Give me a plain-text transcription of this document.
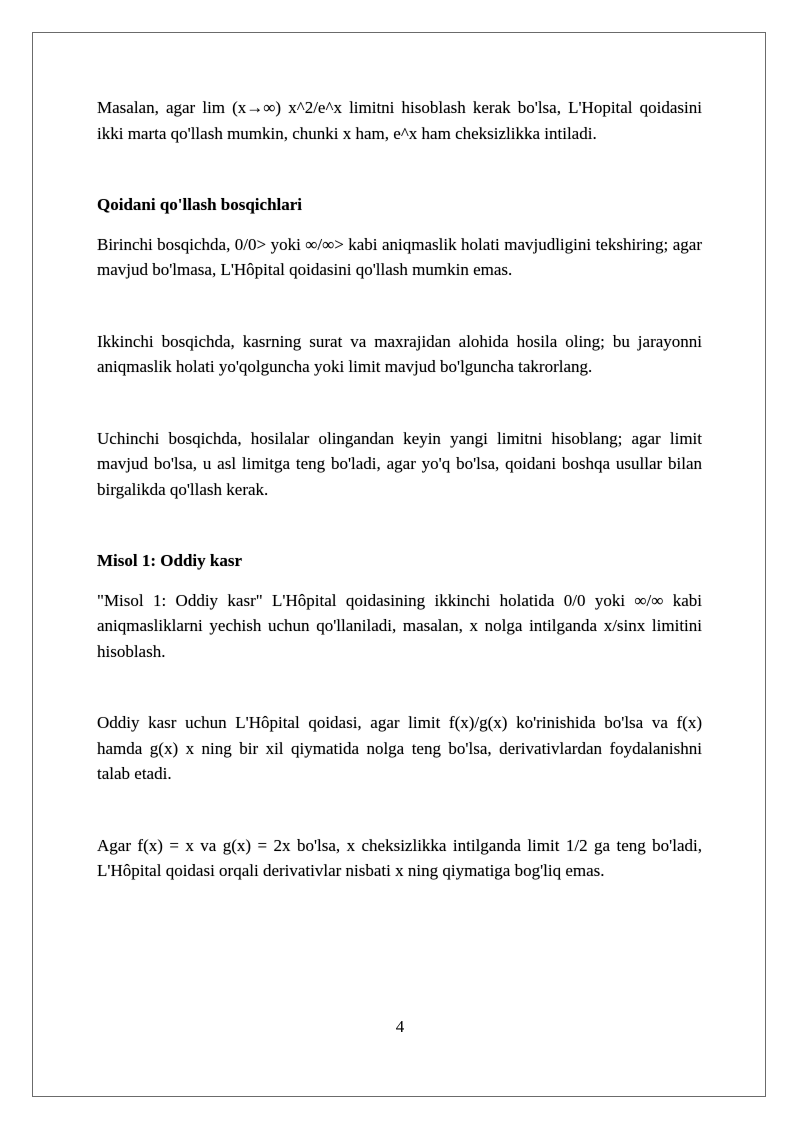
Masalan, agar lim (x→∞) x^2/e^x limitni hisoblash kerak bo'lsa, L'Hopital qoidasini ikki marta qo'llash mumkin, chunki x ham, e^x ham cheksizlikka intiladi.

Qoidani qo'llash bosqichlari

Birinchi bosqichda, 0/0> yoki ∞/∞> kabi aniqmaslik holati mavjudligini tekshiring; agar mavjud bo'lmasa, L'Hôpital qoidasini qo'llash mumkin emas.

Ikkinchi bosqichda, kasrning surat va maxrajidan alohida hosila oling; bu jarayonni aniqmaslik holati yo'qolguncha yoki limit mavjud bo'lguncha takrorlang.

Uchinchi bosqichda, hosilalar olingandan keyin yangi limitni hisoblang; agar limit mavjud bo'lsa, u asl limitga teng bo'ladi, agar yo'q bo'lsa, qoidani boshqa usullar bilan birgalikda qo'llash kerak.

Misol 1: Oddiy kasr

"Misol 1: Oddiy kasr" L'Hôpital qoidasining ikkinchi holatida 0/0 yoki ∞/∞ kabi aniqmasliklarni yechish uchun qo'llaniladi, masalan, x nolga intilganda x/sinx limitini hisoblash.

Oddiy kasr uchun L'Hôpital qoidasi, agar limit f(x)/g(x) ko'rinishida bo'lsa va f(x) hamda g(x) x ning bir xil qiymatida nolga teng bo'lsa, derivativlardan foydalanishni talab etadi.

Agar f(x) = x va g(x) = 2x bo'lsa, x cheksizlikka intilganda limit 1/2 ga teng bo'ladi, L'Hôpital qoidasi orqali derivativlar nisbati x ning qiymatiga bog'liq emas.

4
